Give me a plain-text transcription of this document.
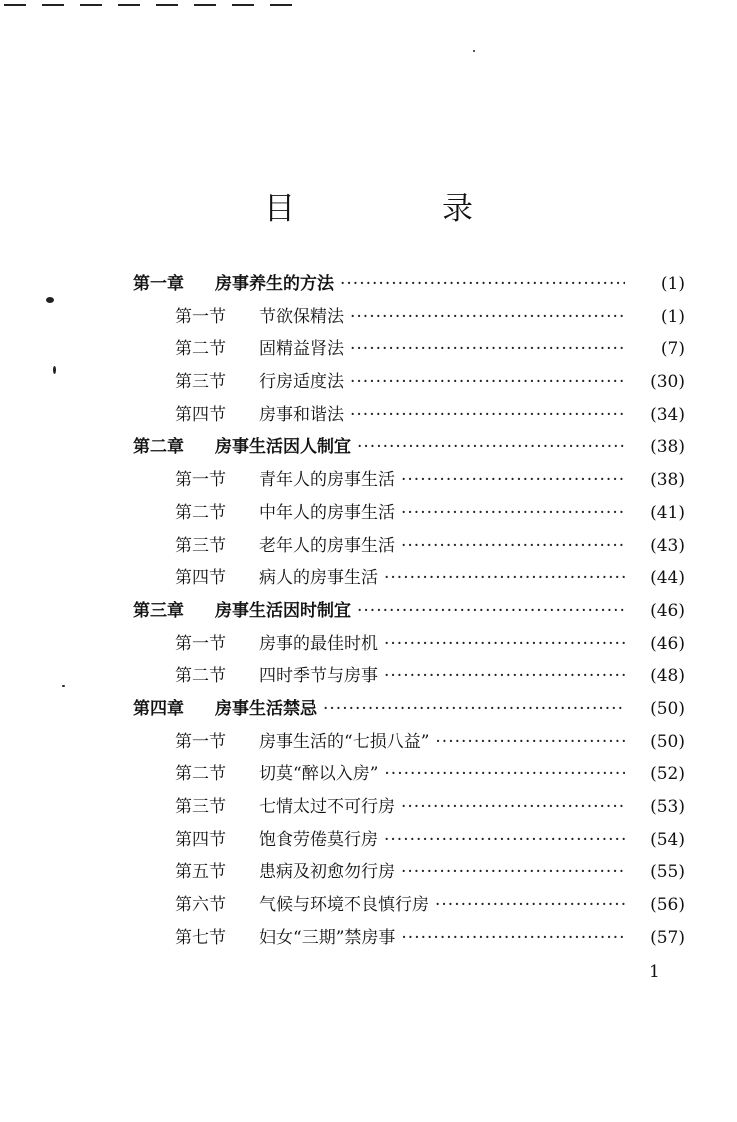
目　录
第一章 房事养生的方法 ·····	(1)
第一节 节欲保精法 ·····	(1)
第二节 固精益肾法 ·····	(7)
第三节 行房适度法 ·····	(30)
第四节 房事和谐法 ·····	(34)
第二章 房事生活因人制宜 ·····	(38)
第一节 青年人的房事生活 ·····	(38)
第二节 中年人的房事生活 ·····	(41)
第三节 老年人的房事生活 ·····	(43)
第四节 病人的房事生活 ·····	(44)
第三章 房事生活因时制宜 ·····	(46)
第一节 房事的最佳时机 ·····	(46)
第二节 四时季节与房事 ·····	(48)
第四章 房事生活禁忌 ·····	(50)
第一节 房事生活的“七损八益” ·····	(50)
第二节 切莫“醉以入房” ·····	(52)
第三节 七情太过不可行房 ·····	(53)
第四节 饱食劳倦莫行房 ·····	(54)
第五节 患病及初愈勿行房 ·····	(55)
第六节 气候与环境不良慎行房 ·····	(56)
第七节 妇女“三期”禁房事 ·····	(57)
1
